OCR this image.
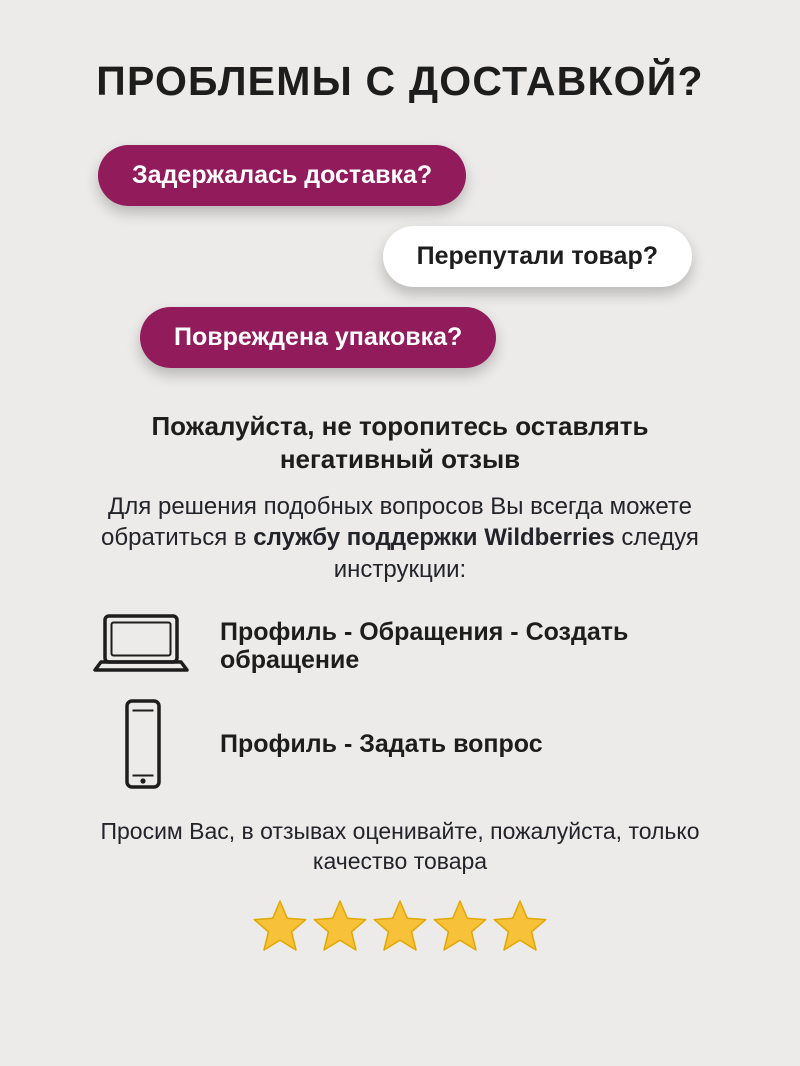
ПРОБЛЕМЫ С ДОСТАВКОЙ?
Задержалась доставка?
Перепутали товар?
Повреждена упаковка?
Пожалуйста, не торопитесь оставлять негативный отзыв
Для решения подобных вопросов Вы всегда можете обратиться в службу поддержки Wildberries следуя инструкции:
Профиль - Обращения - Создать обращение
Профиль - Задать вопрос
Просим Вас, в отзывах оценивайте, пожалуйста, только качество товара
